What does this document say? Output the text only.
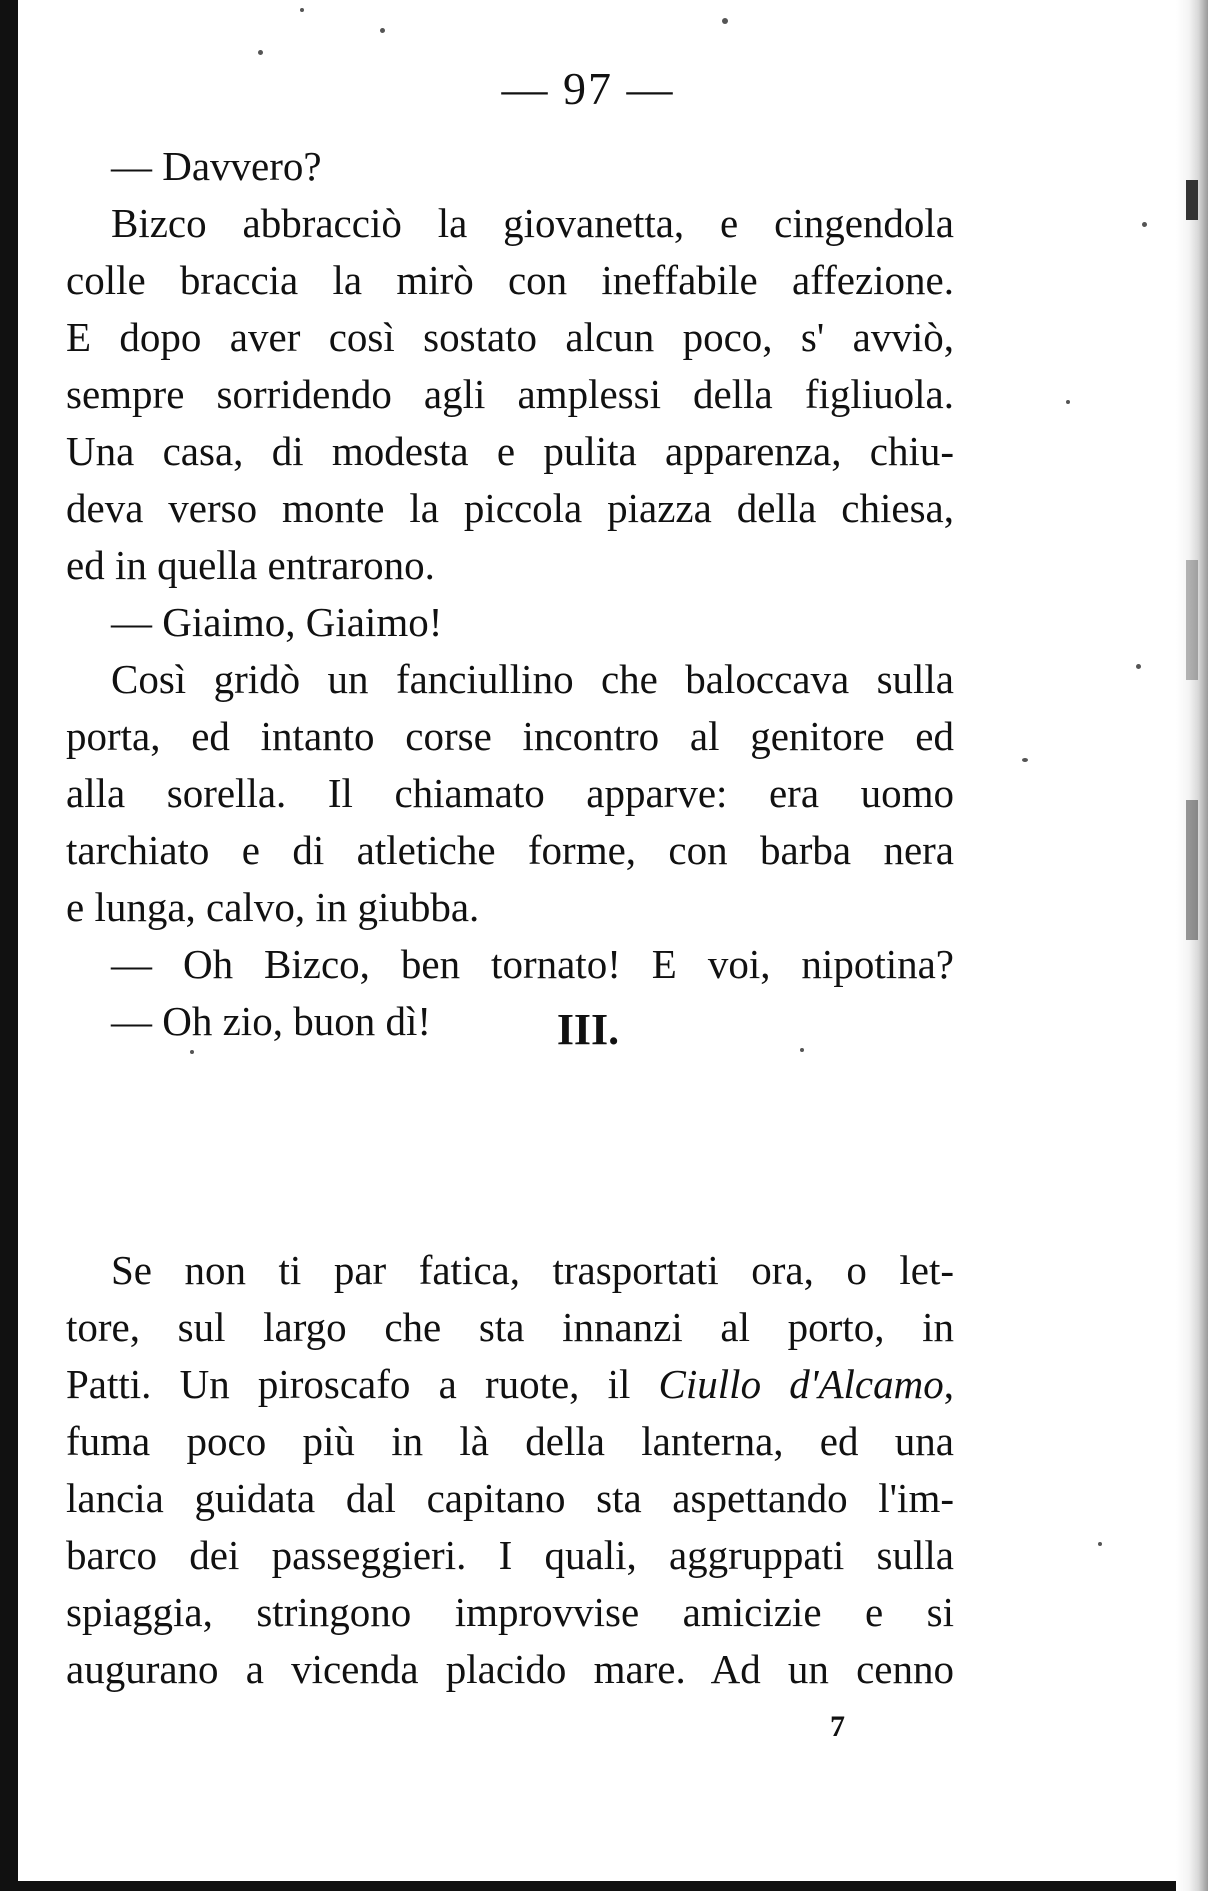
— 97 —
— Davvero?
Bizco abbracciò la giovanetta, e cingendola
colle braccia la mirò con ineffabile affezione.
E dopo aver così sostato alcun poco, s' avviò,
sempre sorridendo agli amplessi della figliuola.
Una casa, di modesta e pulita apparenza, chiu-
deva verso monte la piccola piazza della chiesa,
ed in quella entrarono.
— Giaimo, Giaimo!
Così gridò un fanciullino che baloccava sulla
porta, ed intanto corse incontro al genitore ed
alla sorella. Il chiamato apparve: era uomo
tarchiato e di atletiche forme, con barba nera
e lunga, calvo, in giubba.
— Oh Bizco, ben tornato! E voi, nipotina?
— Oh zio, buon dì!	III.
Se non ti par fatica, trasportati ora, o let-
tore, sul largo che sta innanzi al porto, in
Patti. Un piroscafo a ruote, il Ciullo d'Alcamo,
fuma poco più in là della lanterna, ed una
lancia guidata dal capitano sta aspettando l'im-
barco dei passeggieri. I quali, aggruppati sulla
spiaggia, stringono improvvise amicizie e si
augurano a vicenda placido mare. Ad un cenno
7
